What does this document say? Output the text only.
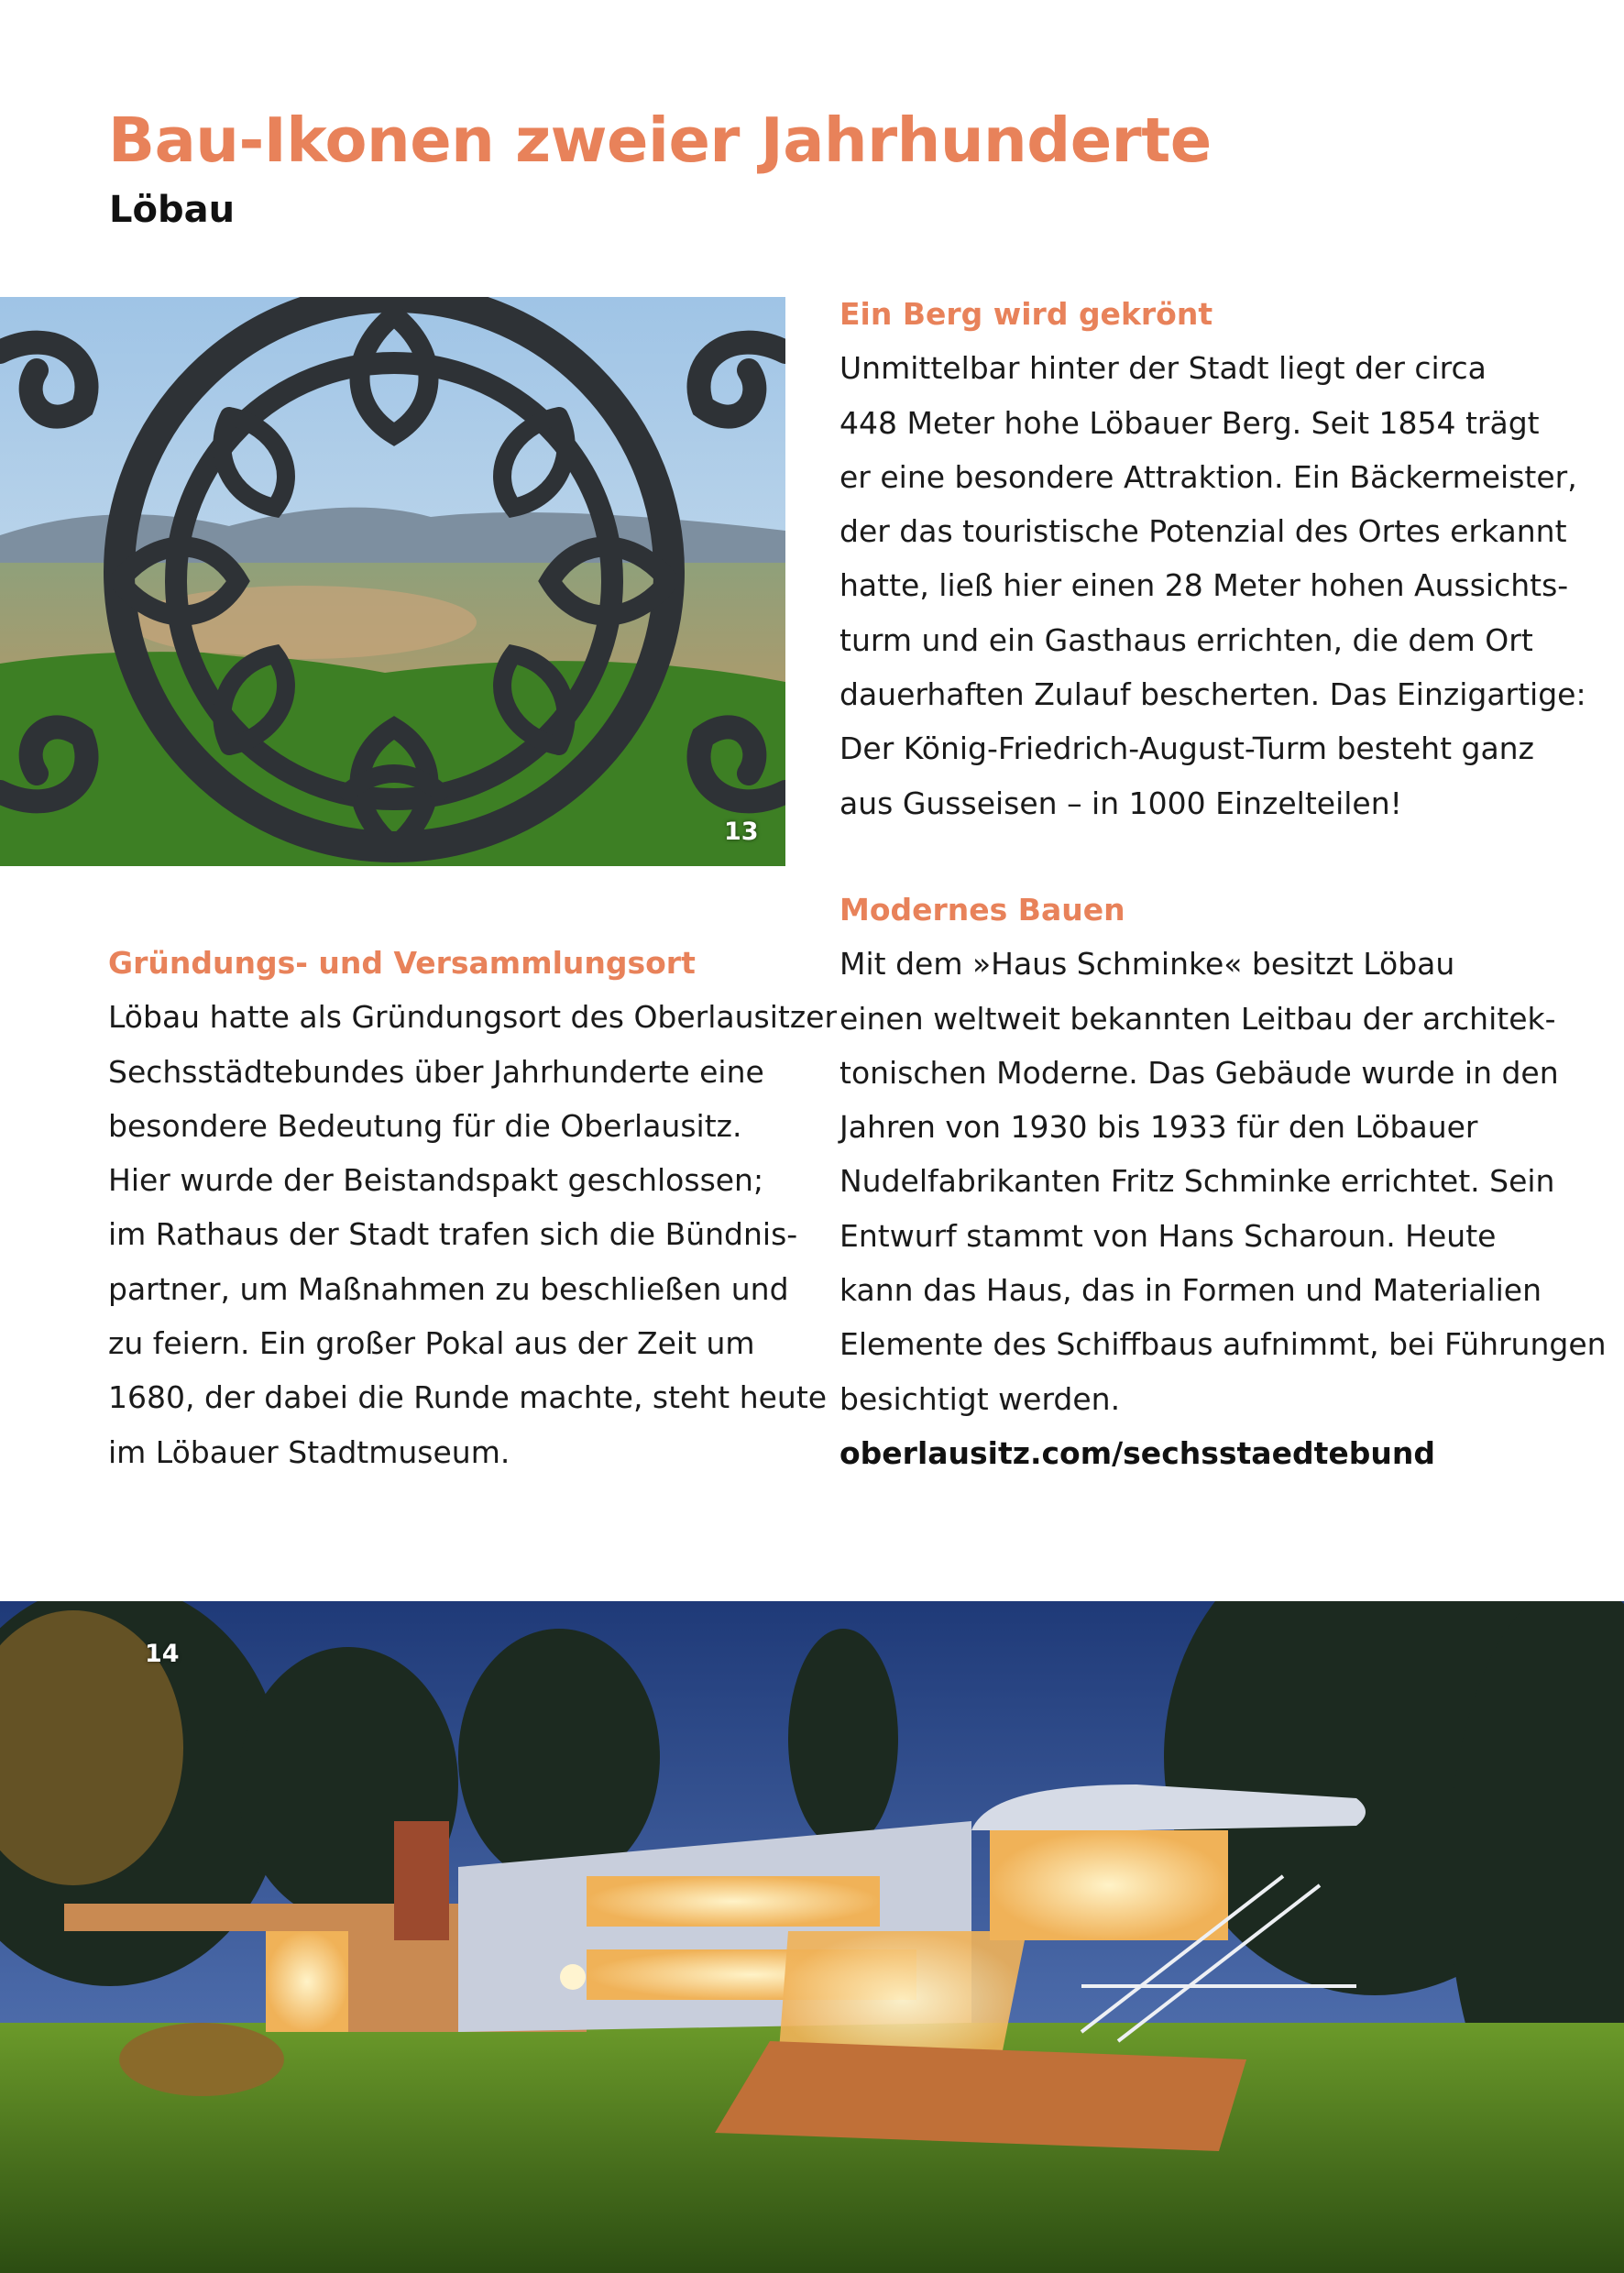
Bau-Ikonen zweier Jahrhunderte
Löbau
13
Ein Berg wird gekrönt

Unmittelbar hinter der Stadt liegt der circa

448 Meter hohe Löbauer Berg. Seit 1854 trägt

er eine besondere Attraktion. Ein Bäckermeister,

der das touristische Potenzial des Ortes erkannt

hatte, ließ hier einen 28 Meter hohen Aussichts-

turm und ein Gasthaus errichten, die dem Ort

dauerhaften Zulauf bescherten. Das Einzigartige:

Der König-Friedrich-August-Turm besteht ganz

aus Gusseisen – in 1000 Einzelteilen!

Modernes Bauen

Mit dem »Haus Schminke« besitzt Löbau

einen weltweit bekannten Leitbau der architek-

tonischen Moderne. Das Gebäude wurde in den

Jahren von 1930 bis 1933 für den Löbauer

Nudelfabrikanten Fritz Schminke errichtet. Sein

Entwurf stammt von Hans Scharoun. Heute

kann das Haus, das in Formen und Materialien

Elemente des Schiffbaus aufnimmt, bei Führungen

besichtigt werden.

oberlausitz.com/sechsstaedtebund

Gründungs- und Versammlungsort

Löbau hatte als Gründungsort des Oberlausitzer

Sechsstädtebundes über Jahrhunderte eine

besondere Bedeutung für die Oberlausitz.

Hier wurde der Beistandspakt geschlossen;

im Rathaus der Stadt trafen sich die Bündnis-

partner, um Maßnahmen zu beschließen und

zu feiern. Ein großer Pokal aus der Zeit um

1680, der dabei die Runde machte, steht heute

im Löbauer Stadtmuseum.

14
